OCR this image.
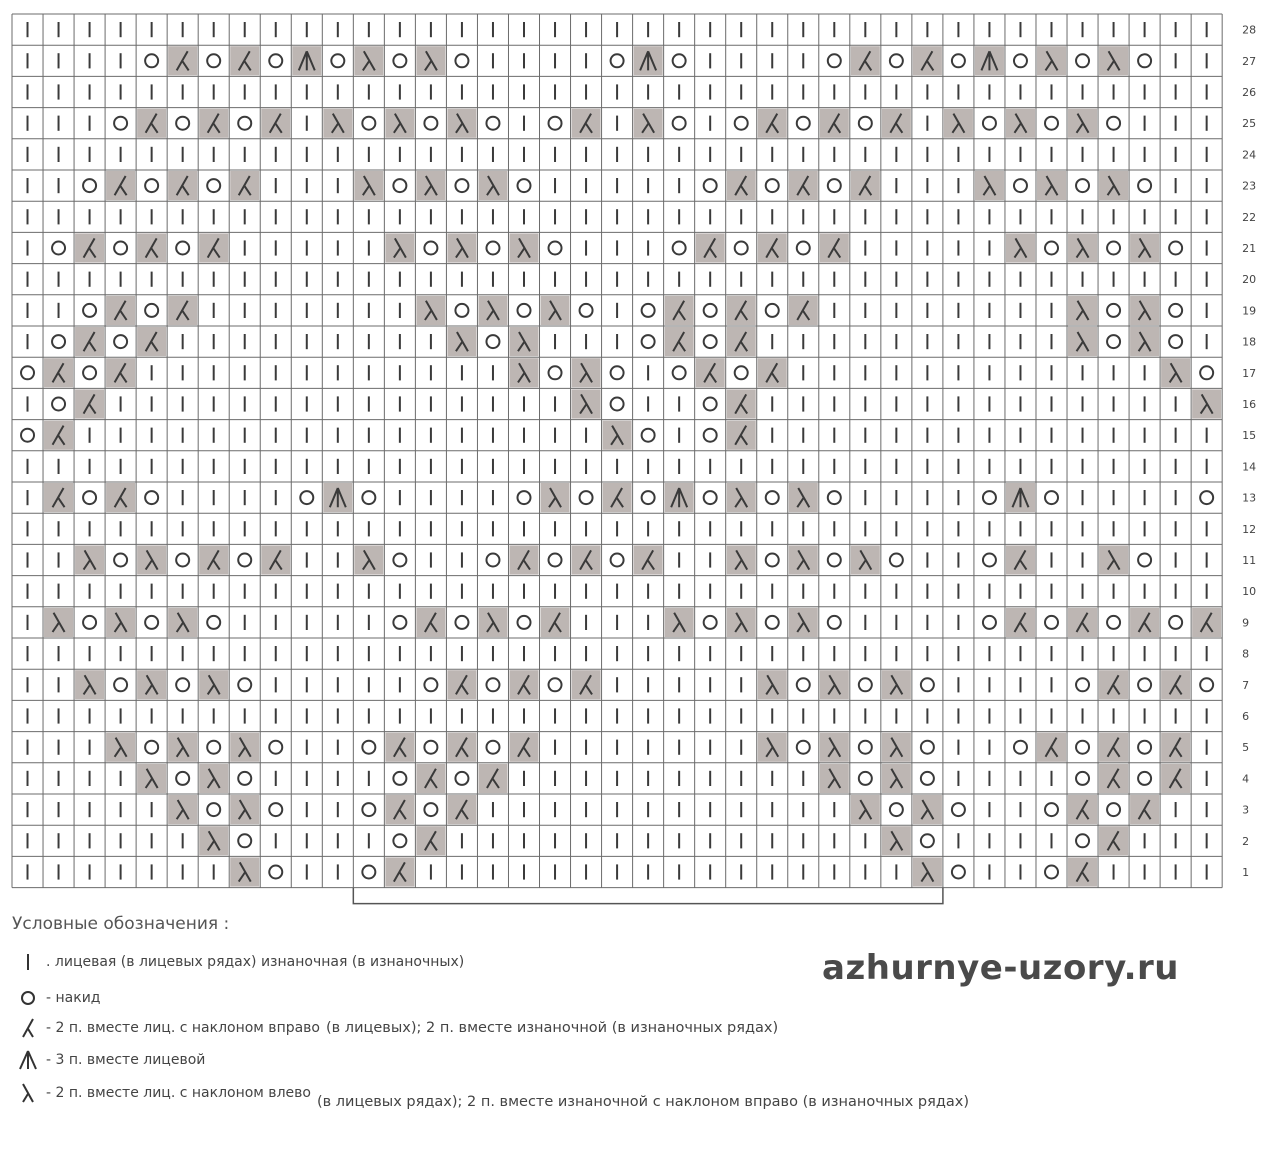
28
27
26
25
24
23
22
21
20
19
18
17
16
15
14
13
12
11
10
9
8
7
6
5
4
3
2
1
Условные обозначения :
. лицевая (в лицевых рядах) изнаночная (в изнаночных)
- накид
- 2 п. вместе лиц. с наклоном вправо (в лицевых); 2 п. вместе изнаночной (в изнаночных рядах)
- 3 п. вместе лицевой
- 2 п. вместе лиц. с наклоном влево
(в лицевых рядах); 2 п. вместе изнаночной с наклоном вправо (в изнаночных рядах)
azhurnye-uzory.ru
